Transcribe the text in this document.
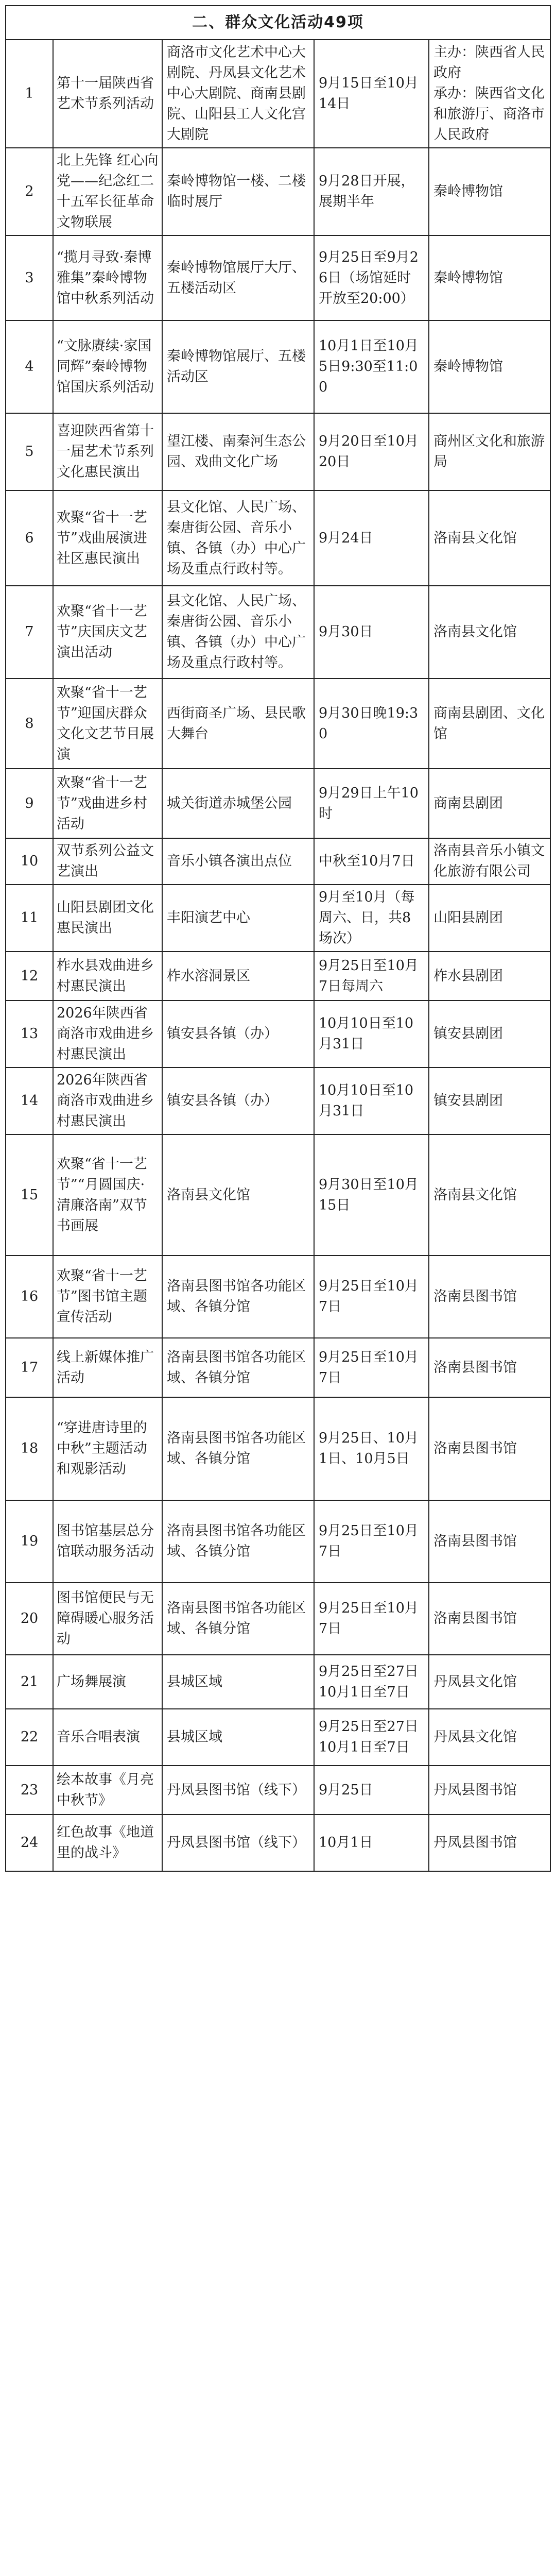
二、群众文化活动49项				

1	第十一届陕西省艺术节系列活动	商洛市文化艺术中心大剧院、丹凤县文化艺术中心大剧院、商南县剧院、山阳县工人文化宫大剧院	9月15日至10月14日	主办：陕西省人民政府
承办：陕西省文化和旅游厅、商洛市人民政府

2	北上先锋 红心向党——纪念红二十五军长征革命文物联展	秦岭博物馆一楼、二楼临时展厅	9月28日开展，展期半年	秦岭博物馆

3	“揽月寻致·秦博雅集”秦岭博物馆中秋系列活动	秦岭博物馆展厅大厅、五楼活动区	9月25日至9月26日（场馆延时开放至20:00）	秦岭博物馆

4	“文脉赓续·家国同辉”秦岭博物馆国庆系列活动	秦岭博物馆展厅、五楼活动区	10月1日至10月5日9:30至11:00	秦岭博物馆

5	喜迎陕西省第十一届艺术节系列文化惠民演出	望江楼、南秦河生态公园、戏曲文化广场	9月20日至10月20日	商州区文化和旅游局

6	欢聚“省十一艺节”戏曲展演进社区惠民演出	县文化馆、人民广场、秦唐街公园、音乐小镇、各镇（办）中心广场及重点行政村等。	9月24日	洛南县文化馆

7	欢聚“省十一艺节”庆国庆文艺演出活动	县文化馆、人民广场、秦唐街公园、音乐小镇、各镇（办）中心广场及重点行政村等。	9月30日	洛南县文化馆

8	欢聚“省十一艺节”迎国庆群众文化文艺节目展演	西街商圣广场、县民歌大舞台	9月30日晚19:30	商南县剧团、文化馆

9	欢聚“省十一艺节”戏曲进乡村活动	城关街道赤城堡公园	9月29日上午10时	商南县剧团

10	双节系列公益文艺演出	音乐小镇各演出点位	中秋至10月7日	洛南县音乐小镇文化旅游有限公司

11	山阳县剧团文化惠民演出	丰阳演艺中心	9月至10月（每周六、日，共8场次）	山阳县剧团

12	柞水县戏曲进乡村惠民演出	柞水溶洞景区	9月25日至10月7日每周六	柞水县剧团

13	2026年陕西省商洛市戏曲进乡村惠民演出	镇安县各镇（办）	10月10日至10月31日	镇安县剧团

14	2026年陕西省商洛市戏曲进乡村惠民演出	镇安县各镇（办）	10月10日至10月31日	镇安县剧团

15	欢聚“省十一艺节”“月圆国庆·清廉洛南”双节书画展	洛南县文化馆	9月30日至10月15日	洛南县文化馆

16	欢聚“省十一艺节”图书馆主题宣传活动	洛南县图书馆各功能区域、各镇分馆	9月25日至10月7日	洛南县图书馆

17	线上新媒体推广活动	洛南县图书馆各功能区域、各镇分馆	9月25日至10月7日	洛南县图书馆

18	“穿进唐诗里的中秋”主题活动和观影活动	洛南县图书馆各功能区域、各镇分馆	9月25日、10月1日、10月5日	洛南县图书馆

19	图书馆基层总分馆联动服务活动	洛南县图书馆各功能区域、各镇分馆	9月25日至10月7日	洛南县图书馆

20	图书馆便民与无障碍暖心服务活动	洛南县图书馆各功能区域、各镇分馆	9月25日至10月7日	洛南县图书馆

21	广场舞展演	县城区域	9月25日至27日
10月1日至7日	丹凤县文化馆

22	音乐合唱表演	县城区域	9月25日至27日
10月1日至7日	丹凤县文化馆

23	绘本故事《月亮中秋节》	丹凤县图书馆（线下）	9月25日	丹凤县图书馆

24	红色故事《地道里的战斗》	丹凤县图书馆（线下）	10月1日	丹凤县图书馆
